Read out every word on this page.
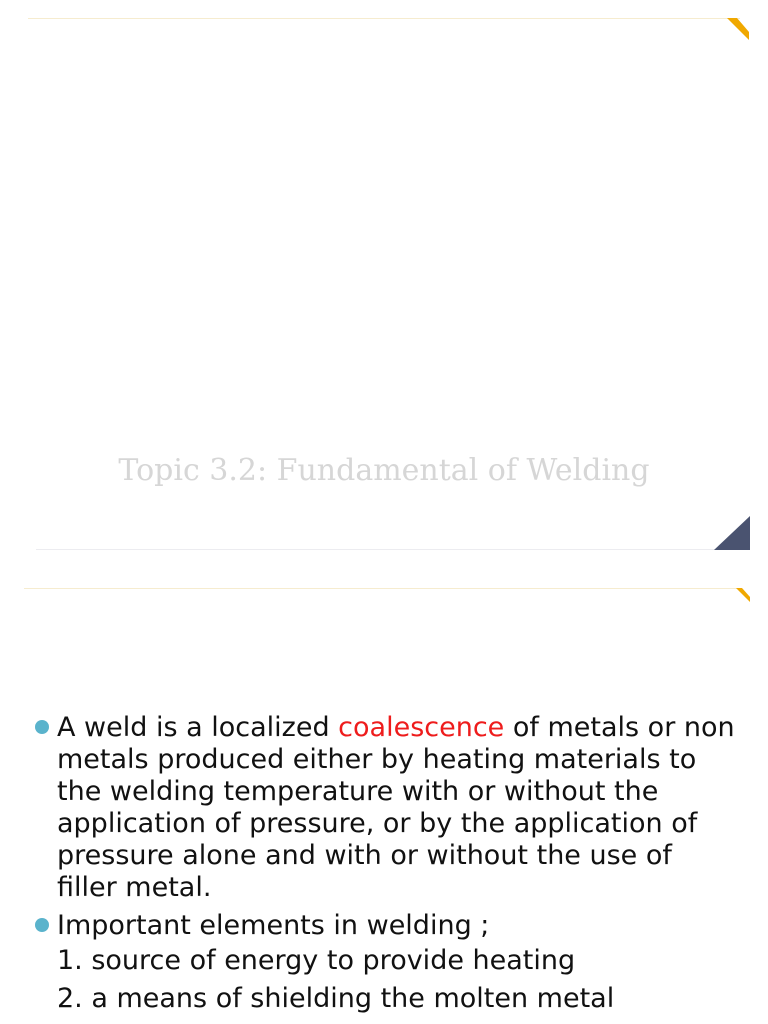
Topic 3.2: Fundamental of Welding
A weld is a localized coalescence of metals or non metals produced either by heating materials to the welding temperature with or without the application of pressure, or by the application of pressure alone and with or without the use of filler metal.
Important elements in welding ;
1. source of energy to provide heating
2. a means of shielding the molten metal
